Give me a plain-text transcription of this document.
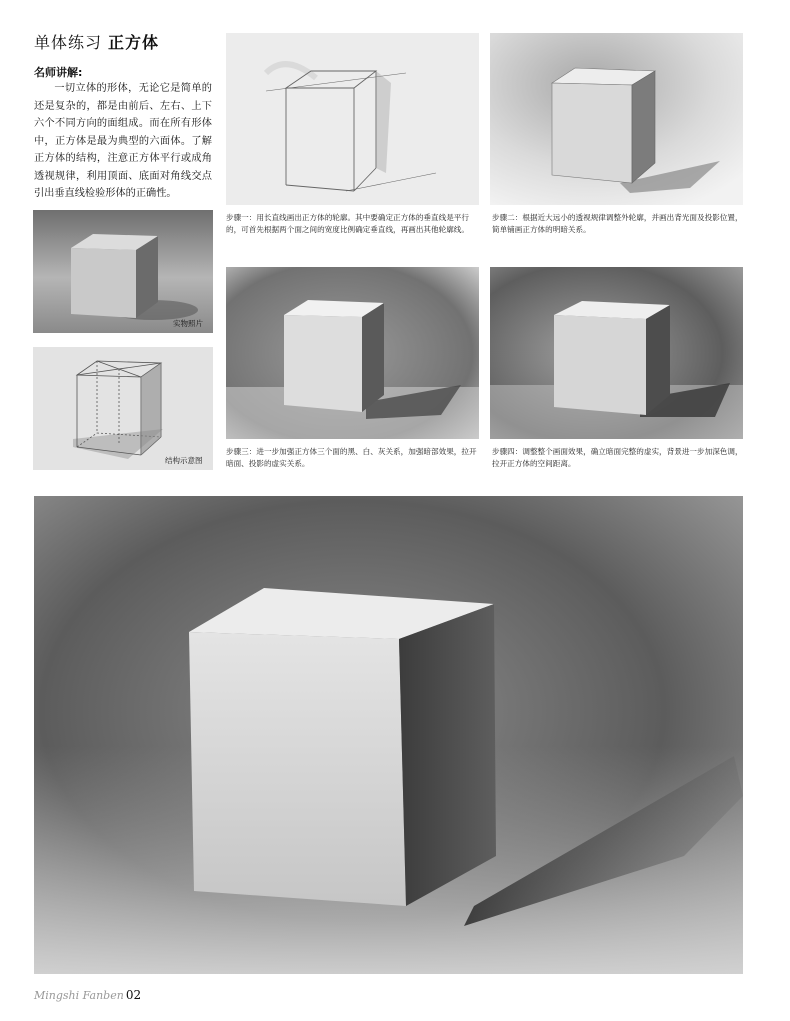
单体练习 正方体
名师讲解:
一切立体的形体，无论它是简单的还是复杂的，都是由前后、左右、上下六个不同方向的面组成。而在所有形体中，正方体是最为典型的六面体。了解正方体的结构，注意正方体平行或成角透视规律，利用顶面、底面对角线交点引出垂直线检验形体的正确性。
实物照片
结构示意图
步骤一：用长直线画出正方体的轮廓。其中要确定正方体的垂直线是平行的，可首先根据两个面之间的宽度比例确定垂直线，再画出其他轮廓线。
步骤二：根据近大远小的透视规律调整外轮廓，并画出背光面及投影位置，简单铺画正方体的明暗关系。
步骤三：进一步加强正方体三个面的黑、白、灰关系，加强暗部效果，拉开暗面、投影的虚实关系。
步骤四：调整整个画面效果，确立暗面完整的虚实，背景进一步加深色调，拉开正方体的空间距离。
Mingshi Fanben 02
